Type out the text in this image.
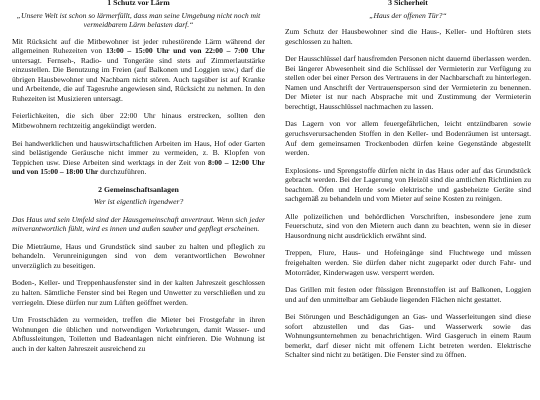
1 Schutz vor Lärm

„Unsere Welt ist schon so lärmerfüllt, dass man seine Umgebung nicht noch mit vermeidbarem Lärm belasten darf.“

Mit Rücksicht auf die Mitbewohner ist jeder ruhestörende Lärm während der allgemeinen Ruhezeiten von 13:00 – 15:00 Uhr und von 22:00 – 7:00 Uhr untersagt. Fernseh-, Radio- und Tongeräte sind stets auf Zimmerlautstärke einzustellen. Die Benutzung im Freien (auf Balkonen und Loggien usw.) darf die übrigen Hausbewohner und Nachbarn nicht stören. Auch tagsüber ist auf Kranke und Arbeitende, die auf Tagesruhe angewiesen sind, Rücksicht zu nehmen. In den Ruhezeiten ist Musizieren untersagt.

Feierlichkeiten, die sich über 22:00 Uhr hinaus erstrecken, sollten den Mitbewohnern rechtzeitig angekündigt werden.

Bei handwerklichen und hauswirtschaftlichen Arbeiten im Haus, Hof oder Garten sind belästigende Geräusche nicht immer zu vermeiden, z. B. Klopfen von Teppichen usw. Diese Arbeiten sind werktags in der Zeit von 8:00 – 12:00 Uhr und von 15:00 – 18:00 Uhr durchzuführen.

2 Gemeinschaftsanlagen

Wer ist eigentlich irgendwer?

Das Haus und sein Umfeld sind der Hausgemeinschaft anvertraut. Wenn sich jeder mitverantwortlich fühlt, wird es innen und außen sauber und gepflegt erscheinen.

Die Mieträume, Haus und Grundstück sind sauber zu halten und pfleglich zu behandeln. Verunreinigungen sind von dem verantwortlichen Bewohner unverzüglich zu beseitigen.

Boden-, Keller- und Treppenhausfenster sind in der kalten Jahreszeit geschlossen zu halten. Sämtliche Fenster sind bei Regen und Unwetter zu verschließen und zu verriegeln. Diese dürfen nur zum Lüften geöffnet werden.

Um Frostschäden zu vermeiden, treffen die Mieter bei Frostgefahr in ihren Wohnungen die üblichen und notwendigen Vorkehrungen, damit Wasser- und Abflussleitungen, Toiletten und Badeanlagen nicht einfrieren. Die Wohnung ist auch in der kalten Jahreszeit ausreichend zu

3 Sicherheit

„Haus der offenen Tür?“

Zum Schutz der Hausbewohner sind die Haus-, Keller- und Hoftüren stets geschlossen zu halten.

Der Hausschlüssel darf hausfremden Personen nicht dauernd überlassen werden. Bei längerer Abwesenheit sind die Schlüssel der Vermieterin zur Verfügung zu stellen oder bei einer Person des Vertrauens in der Nachbarschaft zu hinterlegen. Namen und Anschrift der Vertrauensperson sind der Vermieterin zu benennen. Der Mieter ist nur nach Absprache mit und Zustimmung der Vermieterin berechtigt, Hausschlüssel nachmachen zu lassen.

Das Lagern von vor allem feuergefährlichen, leicht entzündbaren sowie geruchsverursachenden Stoffen in den Keller- und Bodenräumen ist untersagt. Auf dem gemeinsamen Trockenboden dürfen keine Gegenstände abgestellt werden.

Explosions- und Sprengstoffe dürfen nicht in das Haus oder auf das Grundstück gebracht werden. Bei der Lagerung von Heizöl sind die amtlichen Richtlinien zu beachten. Öfen und Herde sowie elektrische und gasbeheizte Geräte sind sachgemäß zu behandeln und vom Mieter auf seine Kosten zu reinigen.

Alle polizeilichen und behördlichen Vorschriften, insbesondere jene zum Feuerschutz, sind von den Mietern auch dann zu beachten, wenn sie in dieser Hausordnung nicht ausdrücklich erwähnt sind.

Treppen, Flure, Haus- und Hofeingänge sind Fluchtwege und müssen freigehalten werden. Sie dürfen daher nicht zugeparkt oder durch Fahr- und Motorräder, Kinderwagen usw. versperrt werden.

Das Grillen mit festen oder flüssigen Brennstoffen ist auf Balkonen, Loggien und auf den unmittelbar am Gebäude liegenden Flächen nicht gestattet.

Bei Störungen und Beschädigungen an Gas- und Wasserleitungen sind diese sofort abzustellen und das Gas- und Wasserwerk sowie das Wohnungsunternehmen zu benachrichtigen. Wird Gasgeruch in einem Raum bemerkt, darf dieser nicht mit offenem Licht betreten werden. Elektrische Schalter sind nicht zu betätigen. Die Fenster sind zu öffnen.
